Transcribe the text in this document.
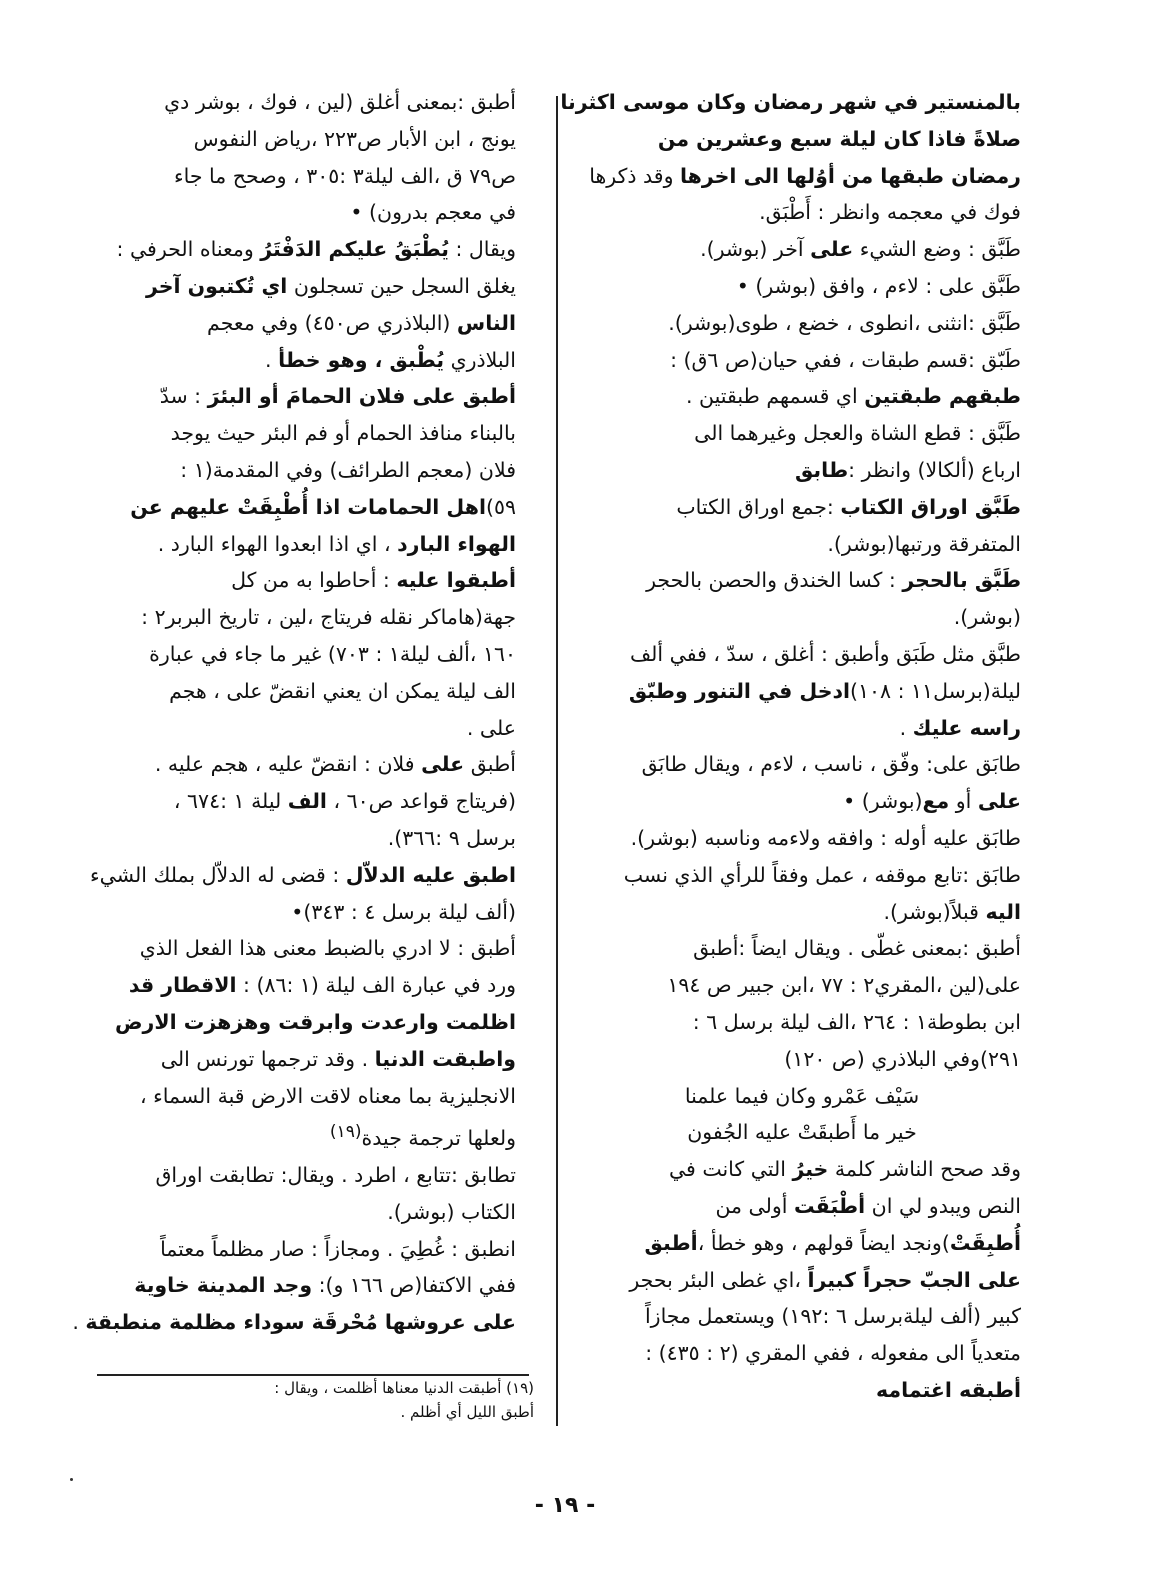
بالمنستير في شهر رمضان وكان موسى اكثرنا
صلاةً فاذا كان ليلة سبع وعشرين من
رمضان طبقها من أوُلها الى اخرها وقد ذكرها
فوك في معجمه وانظر : أَطْبَق.
طَبَّق : وضع الشيء على آخر (بوشر).
طَبَّق على : لاءم ، وافق (بوشر) •
طَبَّق :انثنى ،انطوى ، خضع ، طوى(بوشر).
طَبّق :قسم طبقات ، ففي حيان(ص ٦ق) :
طبقهم طبقتين اي قسمهم طبقتين .
طَبَّق : قطع الشاة والعجل وغيرهما الى
ارباع (ألكالا) وانظر :طابق
طَبَّق اوراق الكتاب :جمع اوراق الكتاب
المتفرقة ورتبها(بوشر).
طَبَّق بالحجر : كسا الخندق والحصن بالحجر
(بوشر).
طبَّق مثل طَبَق وأطبق : أغلق ، سدّ ، ففي ألف
ليلة(برسل١١ : ١٠٨)ادخل في التنور وطبّق
راسه عليك .
طابَق على: وفّق ، ناسب ، لاءم ، ويقال طابَق
على أو مع(بوشر) •
طابَق عليه أوله : وافقه ولاءمه وناسبه (بوشر).
طابَق :تابع موقفه ، عمل وفقاً للرأي الذي نسب
اليه قبلاً(بوشر).
أطبق :بمعنى غطّى . ويقال ايضاً :أطبق
على(لين ،المقري٢ : ٧٧ ،ابن جبير ص ١٩٤
ابن بطوطة١ : ٢٦٤ ،الف ليلة برسل ٦ :
٢٩١)وفي البلاذري (ص ١٢٠)
سَيْف عَمْرو وكان فيما علمنا
خير ما أَطبقَتْ عليه الجُفون
وقد صحح الناشر كلمة خيرُ التي كانت في
النص ويبدو لي ان أطْبَقَت أولى من
أُطبِقَتْ)ونجد ايضاً قولهم ، وهو خطأ ،أطبق
على الجبّ حجراً كبيراً ،اي غطى البئر بحجر
كبير (ألف ليلةبرسل ٦ :١٩٢) ويستعمل مجازاً
متعدياً الى مفعوله ، ففي المقري (٢ : ٤٣٥) :
أطبقه اغتمامه
أطبق :بمعنى أغلق (لين ، فوك ، بوشر دي
يونج ، ابن الأبار ص٢٢٣ ،رياض النفوس
ص٧٩ ق ،الف ليلة٣ :٣٠٥ ، وصحح ما جاء
في معجم بدرون) •
ويقال : يُطْبَقُ عليكم الدَفْتَرُ ومعناه الحرفي :
يغلق السجل حين تسجلون اي تُكتبون آخر
الناس (البلاذري ص٤٥٠) وفي معجم
البلاذري يُطْبق ، وهو خطأ .
أطبق على فلان الحمامَ أو البئرَ : سدّ
بالبناء منافذ الحمام أو فم البئر حيث يوجد
فلان (معجم الطرائف) وفي المقدمة(١ :
٥٩)اهل الحمامات اذا أُطْبِقَتْ عليهم عن
الهواء البارد ، اي اذا ابعدوا الهواء البارد .
أطبقوا عليه : أحاطوا به من كل
جهة(هاماكر نقله فريتاج ،لين ، تاريخ البربر٢ :
١٦٠ ،ألف ليلة١ : ٧٠٣) غير ما جاء في عبارة
الف ليلة يمكن ان يعني انقضّ على ، هجم
على .
أطبق على فلان : انقضّ عليه ، هجم عليه .
(فريتاج قواعد ص٦٠ ، الف ليلة ١ :٦٧٤ ،
برسل ٩ :٣٦٦).
اطبق عليه الدلاّل : قضى له الدلاّل بملك الشيء
(ألف ليلة برسل ٤ : ٣٤٣)•
أطبق : لا ادري بالضبط معنى هذا الفعل الذي
ورد في عبارة الف ليلة (١ :٨٦) : الاقطار قد
اظلمت وارعدت وابرقت وهزهزت الارض
واطبقت الدنيا . وقد ترجمها تورنس الى
الانجليزية بما معناه لاقت الارض قبة السماء ،
ولعلها ترجمة جيدة$^{(١٩)}$
تطابق :تتابع ، اطرد . ويقال: تطابقت اوراق
الكتاب (بوشر).
انطبق : غُطِيَ . ومجازاً : صار مظلماً معتماً
ففي الاكتفا(ص ١٦٦ و): وجد المدينة خاوية
على عروشها مُحْرقَة سوداء مظلمة منطبقة .
(١٩) أطبقت الدنيا معناها أظلمت ، ويقال :
أطبق الليل أي أظلم .
- ١٩ -
